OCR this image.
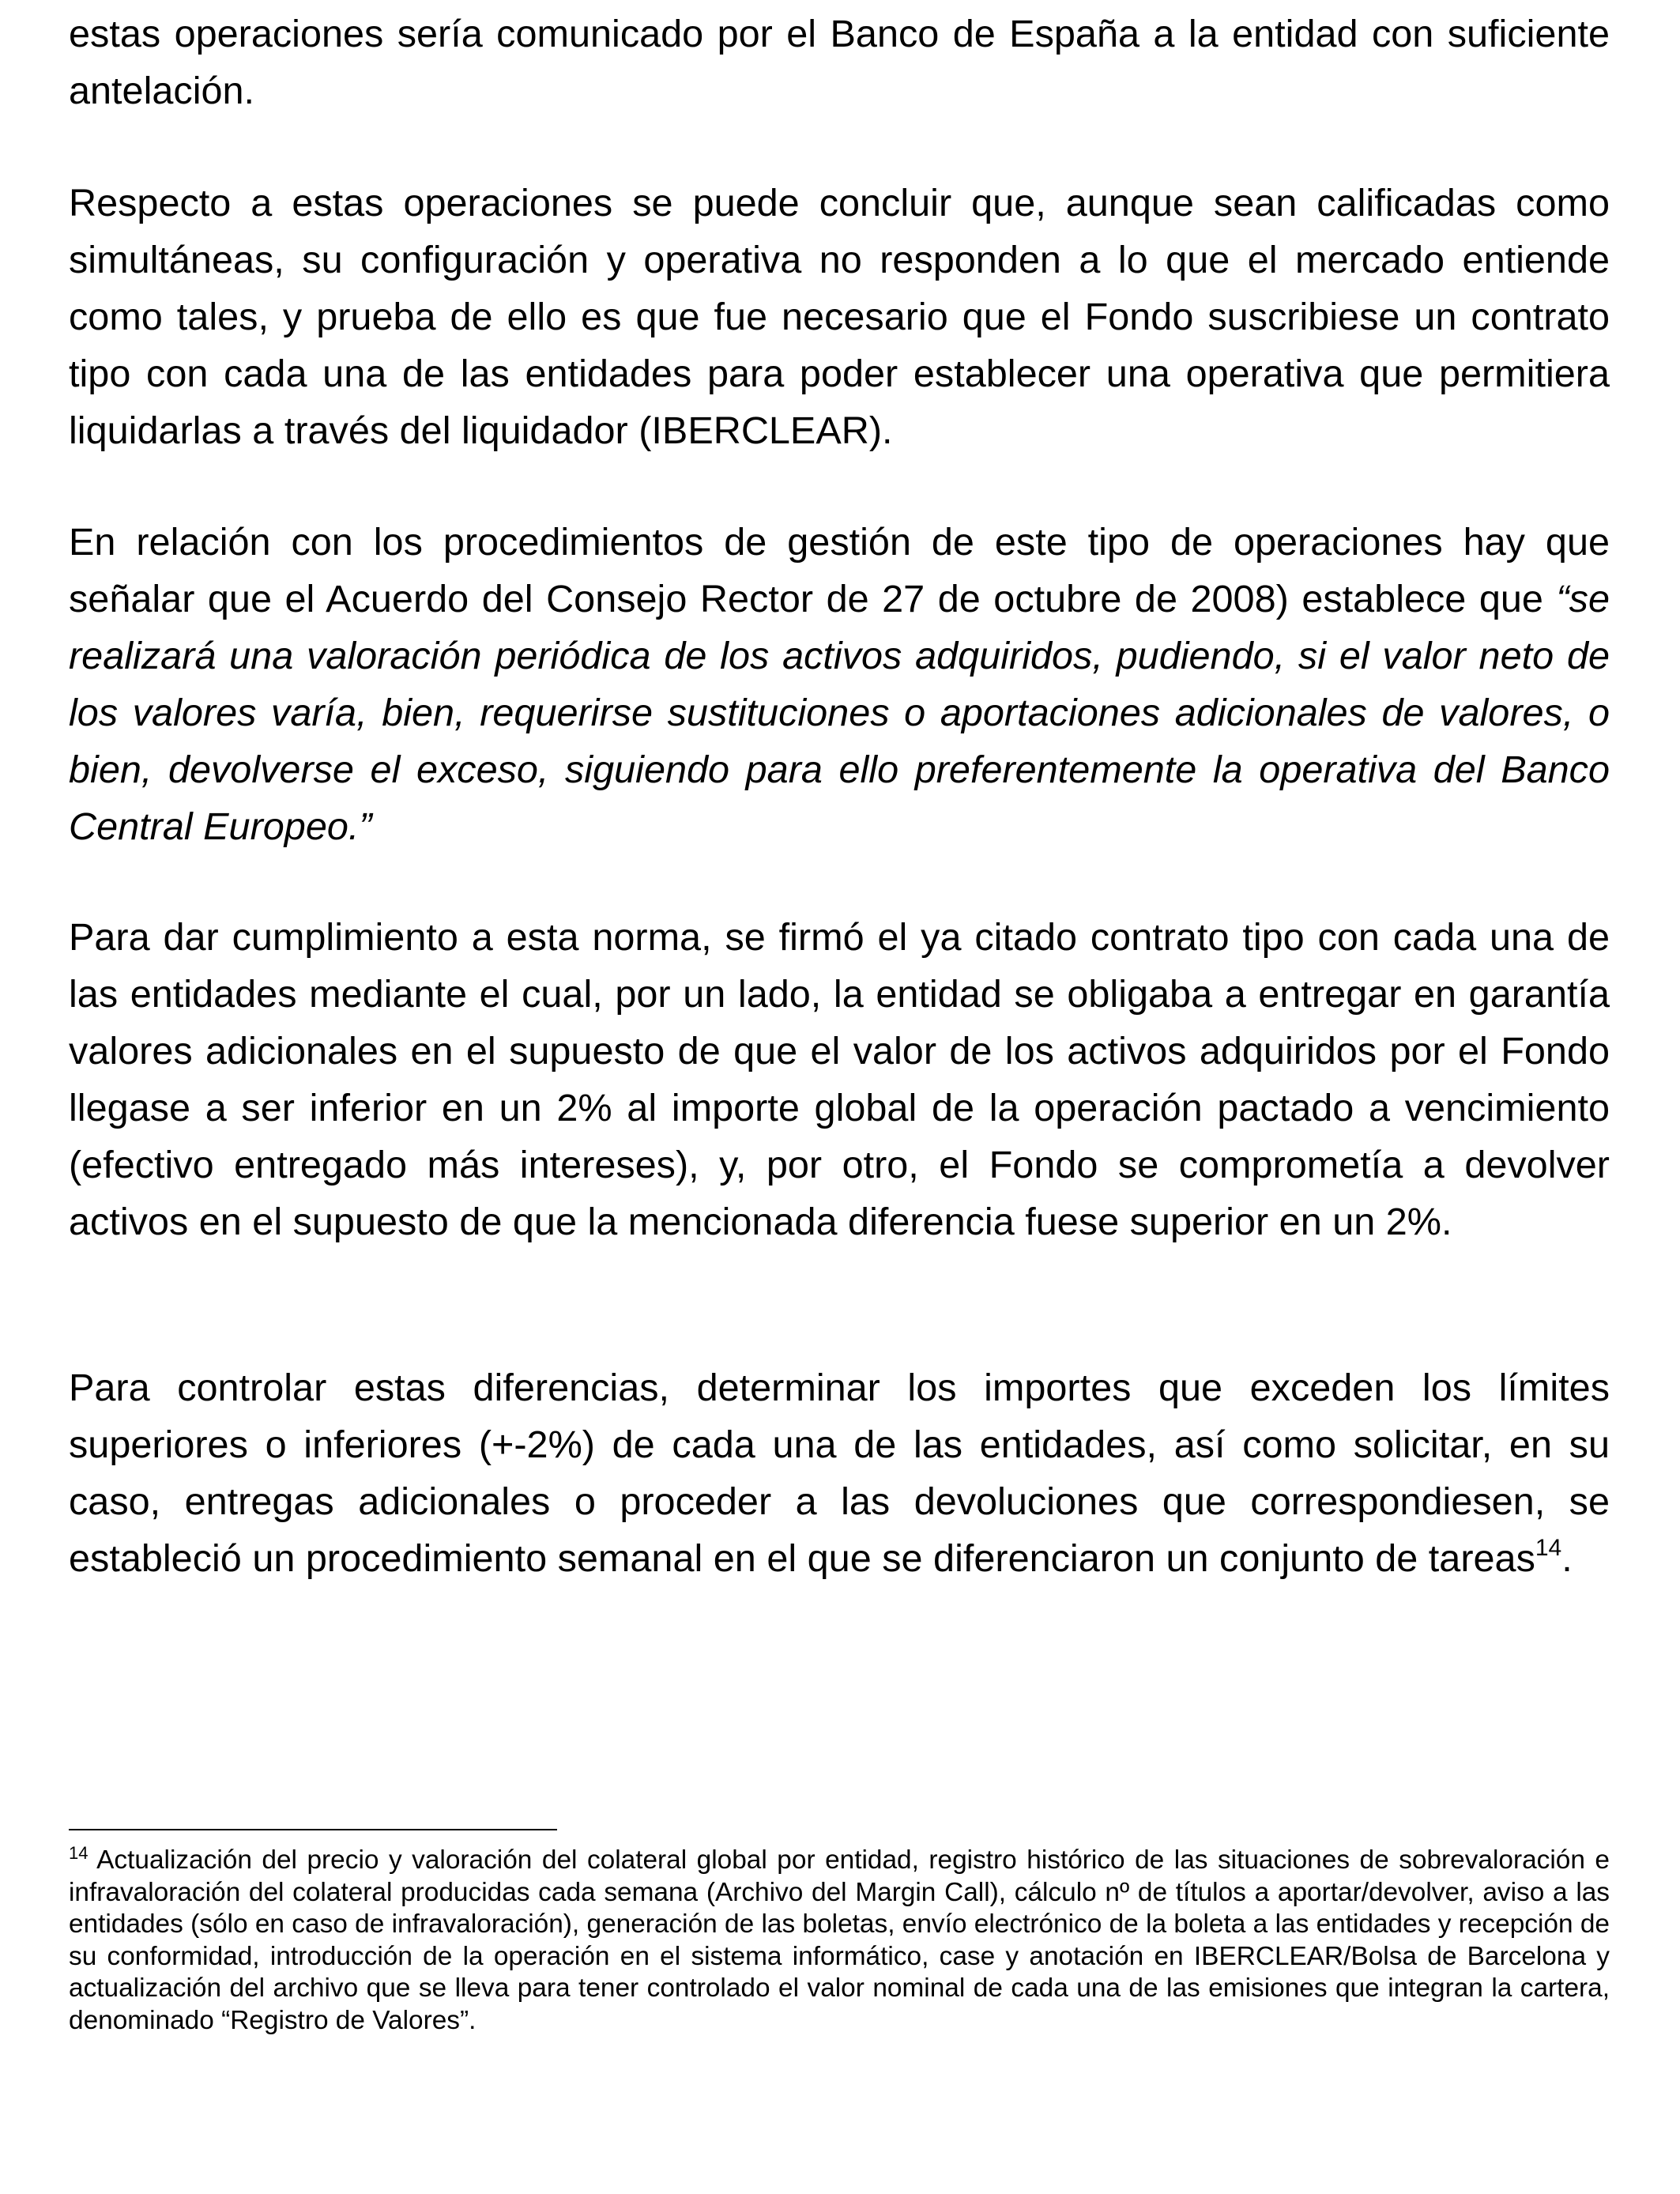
estas operaciones sería comunicado por el Banco de España a la entidad con suficiente antelación.

Respecto a estas operaciones se puede concluir que, aunque sean calificadas como simultáneas, su configuración y operativa no responden a lo que el mercado entiende como tales, y prueba de ello es que fue necesario que el Fondo suscribiese un contrato tipo con cada una de las entidades para poder establecer una operativa que permitiera liquidarlas a través del liquidador (IBERCLEAR).

En relación con los procedimientos de gestión de este tipo de operaciones hay que señalar que el Acuerdo del Consejo Rector de 27 de octubre de 2008) establece que “se realizará una valoración periódica de los activos adquiridos, pudiendo, si el valor neto de los valores varía, bien, requerirse sustituciones o aportaciones adicionales de valores, o bien, devolverse el exceso, siguiendo para ello preferentemente la operativa del Banco Central Europeo.”

Para dar cumplimiento a esta norma, se firmó el ya citado contrato tipo con cada una de las entidades mediante el cual, por un lado, la entidad se obligaba a entregar en garantía valores adicionales en el supuesto de que el valor de los activos adquiridos por el Fondo llegase a ser inferior en un 2% al importe global de la operación pactado a vencimiento (efectivo entregado más intereses), y, por otro, el Fondo se comprometía a devolver activos en el supuesto de que la mencionada diferencia fuese superior en un 2%.

Para controlar estas diferencias, determinar los importes que exceden los límites superiores o inferiores (+-2%) de cada una de las entidades, así como solicitar, en su caso, entregas adicionales o proceder a las devoluciones que correspondiesen, se estableció un procedimiento semanal en el que se diferenciaron un conjunto de tareas$^{14}$.

$^{14}$ Actualización del precio y valoración del colateral global por entidad, registro histórico de las situaciones de sobrevaloración e infravaloración del colateral producidas cada semana (Archivo del Margin Call), cálculo nº de títulos a aportar/devolver, aviso a las entidades (sólo en caso de infravaloración), generación de las boletas, envío electrónico de la boleta a las entidades y recepción de su conformidad, introducción de la operación en el sistema informático, case y anotación en IBERCLEAR/Bolsa de Barcelona y actualización del archivo que se lleva para tener controlado el valor nominal de cada una de las emisiones que integran la cartera, denominado “Registro de Valores”.
